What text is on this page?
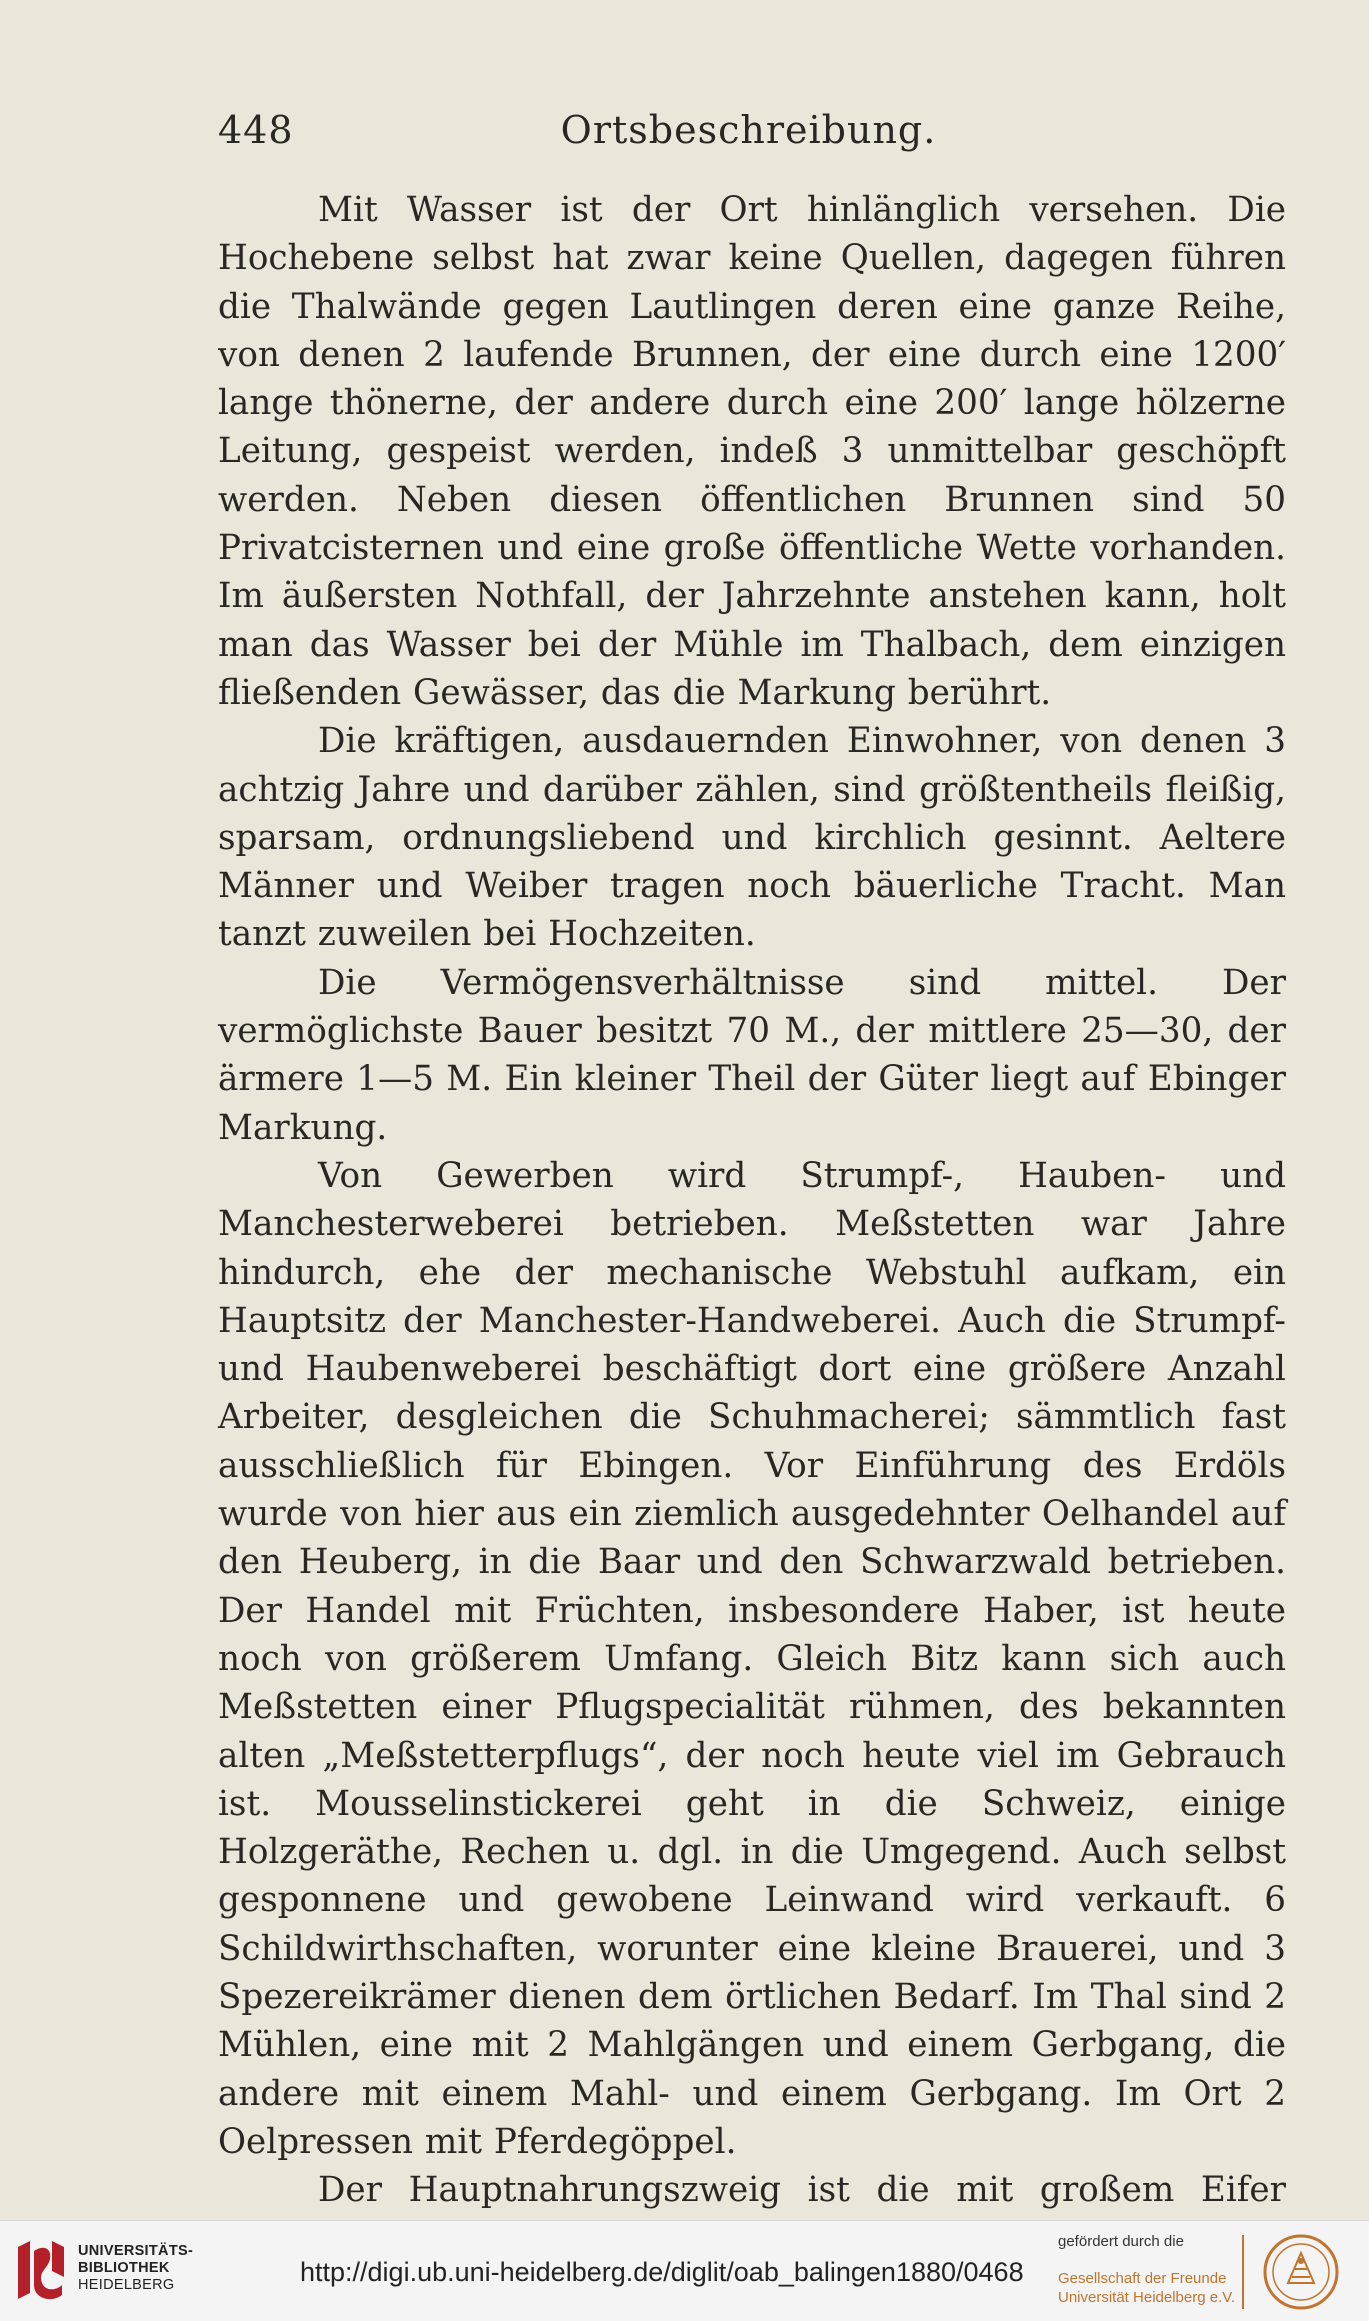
Ortsbeschreibung.
448

Mit Wasser ist der Ort hinlänglich versehen. Die Hochebene selbst hat zwar keine Quellen, dagegen führen die Thalwände gegen Lautlingen deren eine ganze Reihe, von denen 2 laufende Brunnen, der eine durch eine 1200′ lange thönerne, der andere durch eine 200′ lange hölzerne Leitung, gespeist werden, indeß 3 unmittelbar geschöpft werden. Neben diesen öffentlichen Brunnen sind 50 Privatcisternen und eine große öffentliche Wette vorhanden. Im äußersten Nothfall, der Jahrzehnte anstehen kann, holt man das Wasser bei der Mühle im Thalbach, dem einzigen fließenden Gewässer, das die Markung berührt.

Die kräftigen, ausdauernden Einwohner, von denen 3 achtzig Jahre und darüber zählen, sind größtentheils fleißig, sparsam, ordnungsliebend und kirchlich gesinnt. Aeltere Männer und Weiber tragen noch bäuerliche Tracht. Man tanzt zuweilen bei Hochzeiten.

Die Vermögensverhältnisse sind mittel. Der vermöglichste Bauer besitzt 70 M., der mittlere 25—30, der ärmere 1—5 M. Ein kleiner Theil der Güter liegt auf Ebinger Markung.

Von Gewerben wird Strumpf-, Hauben- und Manchesterweberei betrieben. Meßstetten war Jahre hindurch, ehe der mechanische Webstuhl aufkam, ein Hauptsitz der Manchester-Handweberei. Auch die Strumpf- und Haubenweberei beschäftigt dort eine größere Anzahl Arbeiter, desgleichen die Schuhmacherei; sämmtlich fast ausschließlich für Ebingen. Vor Einführung des Erdöls wurde von hier aus ein ziemlich ausgedehnter Oelhandel auf den Heuberg, in die Baar und den Schwarzwald betrieben. Der Handel mit Früchten, insbesondere Haber, ist heute noch von größerem Umfang. Gleich Bitz kann sich auch Meßstetten einer Pflugspecialität rühmen, des bekannten alten „Meßstetterpflugs“, der noch heute viel im Gebrauch ist. Mousselinstickerei geht in die Schweiz, einige Holzgeräthe, Rechen u. dgl. in die Umgegend. Auch selbst gesponnene und gewobene Leinwand wird verkauft. 6 Schildwirthschaften, worunter eine kleine Brauerei, und 3 Spezereikrämer dienen dem örtlichen Bedarf. Im Thal sind 2 Mühlen, eine mit 2 Mahlgängen und einem Gerbgang, die andere mit einem Mahl- und einem Gerbgang. Im Ort 2 Oelpressen mit Pferdegöppel.

Der Hauptnahrungszweig ist die mit großem Eifer

UNIVERSITÄTS-
BIBLIOTHEK
HEIDELBERG	http://digi.ub.uni-heidelberg.de/diglit/oab_balingen1880/0468
gefördert durch die
Gesellschaft der Freunde
Universität Heidelberg e.V.
